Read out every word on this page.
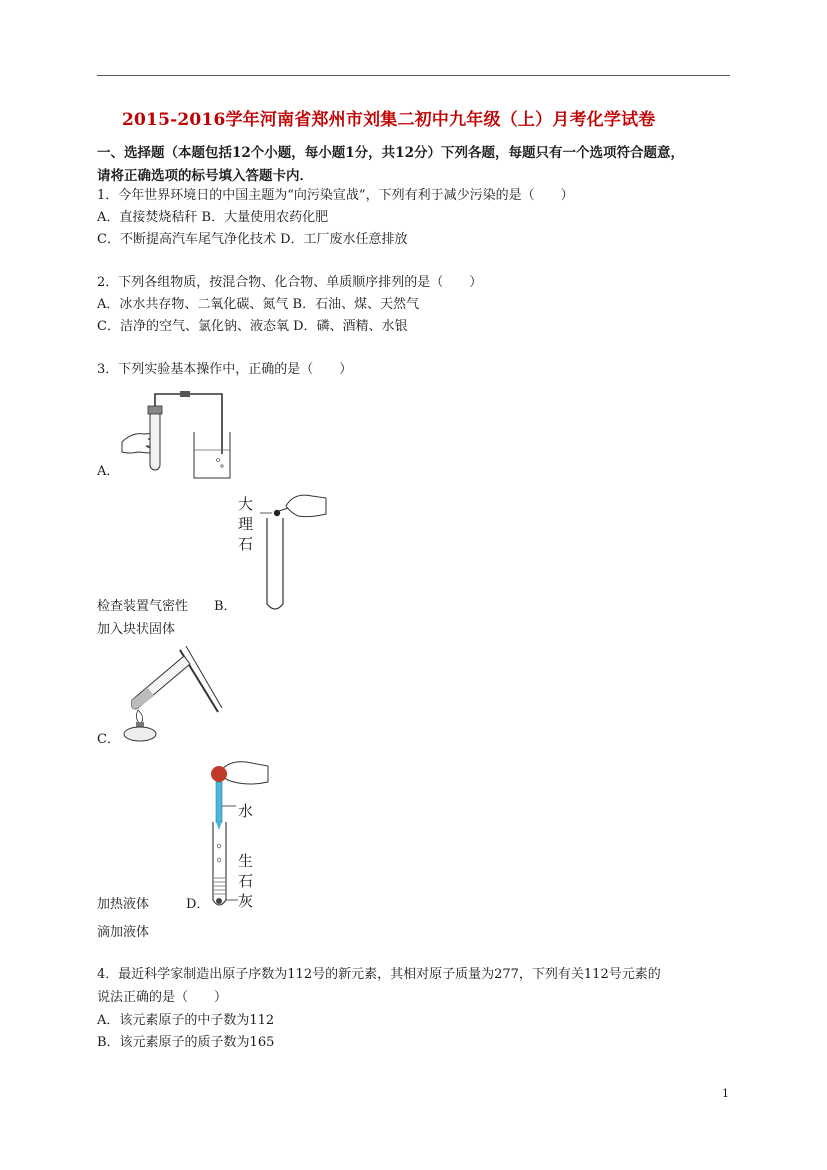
2015-2016学年河南省郑州市刘集二初中九年级（上）月考化学试卷
一、选择题（本题包括12个小题，每小题1分，共12分）下列各题，每题只有一个选项符合题意，
请将正确选项的标号填入答题卡内．
1．今年世界环境日的中国主题为“向污染宣战”，下列有利于减少污染的是（　　）
A．直接焚烧秸秆 B．大量使用农药化肥
C．不断提高汽车尾气净化技术 D．工厂废水任意排放
2．下列各组物质，按混合物、化合物、单质顺序排列的是（　　）
A．冰水共存物、二氧化碳、氮气 B．石油、煤、天然气
C．洁净的空气、氯化钠、液态氧 D．磷、酒精、水银
3．下列实验基本操作中，正确的是（　　）
A．
大
理
石
检查装置气密性 B．
加入块状固体
C．
水
生
石
灰
加热液体	D．
滴加液体
4．最近科学家制造出原子序数为112号的新元素，其相对原子质量为277，下列有关112号元素的
说法正确的是（　　）
A．该元素原子的中子数为112
B．该元素原子的质子数为165
1
